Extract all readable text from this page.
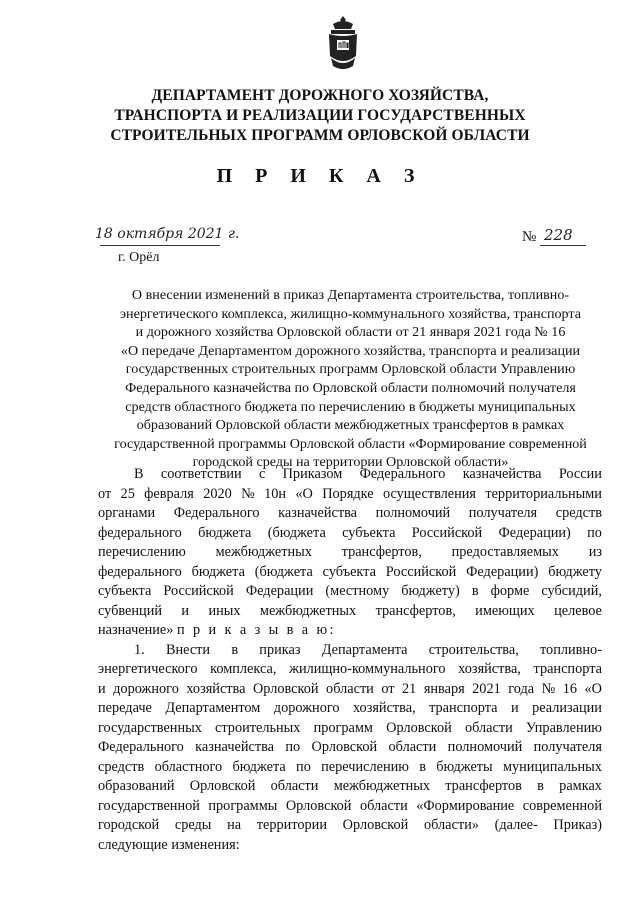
ДЕПАРТАМЕНТ ДОРОЖНОГО ХОЗЯЙСТВА,
ТРАНСПОРТА И РЕАЛИЗАЦИИ ГОСУДАРСТВЕННЫХ
СТРОИТЕЛЬНЫХ ПРОГРАММ ОРЛОВСКОЙ ОБЛАСТИ
П Р И К А З
18 октября 2021 г.	№ 228
г. Орёл
О внесении изменений в приказ Департамента строительства, топливно-
энергетического комплекса, жилищно-коммунального хозяйства, транспорта
и дорожного хозяйства Орловской области от 21 января 2021 года № 16
«О передаче Департаментом дорожного хозяйства, транспорта и реализации
государственных строительных программ Орловской области Управлению
Федерального казначейства по Орловской области полномочий получателя
средств областного бюджета по перечислению в бюджеты муниципальных
образований Орловской области межбюджетных трансфертов в рамках
государственной программы Орловской области «Формирование современной
городской среды на территории Орловской области»
В соответствии с Приказом Федерального казначейства России
от 25 февраля 2020 № 10н «О Порядке осуществления территориальными
органами Федерального казначейства полномочий получателя средств
федерального бюджета (бюджета субъекта Российской Федерации) по
перечислению межбюджетных трансфертов, предоставляемых из
федерального бюджета (бюджета субъекта Российской Федерации) бюджету
субъекта Российской Федерации (местному бюджету) в форме субсидий,
субвенций и иных межбюджетных трансфертов, имеющих целевое
назначение» п р и к а з ы в а ю:
1. Внести в приказ Департамента строительства, топливно-
энергетического комплекса, жилищно-коммунального хозяйства, транспорта
и дорожного хозяйства Орловской области от 21 января 2021 года № 16 «О
передаче Департаментом дорожного хозяйства, транспорта и реализации
государственных строительных программ Орловской области Управлению
Федерального казначейства по Орловской области полномочий получателя
средств областного бюджета по перечислению в бюджеты муниципальных
образований Орловской области межбюджетных трансфертов в рамках
государственной программы Орловской области «Формирование современной
городской среды на территории Орловской области» (далее- Приказ)
следующие изменения:
